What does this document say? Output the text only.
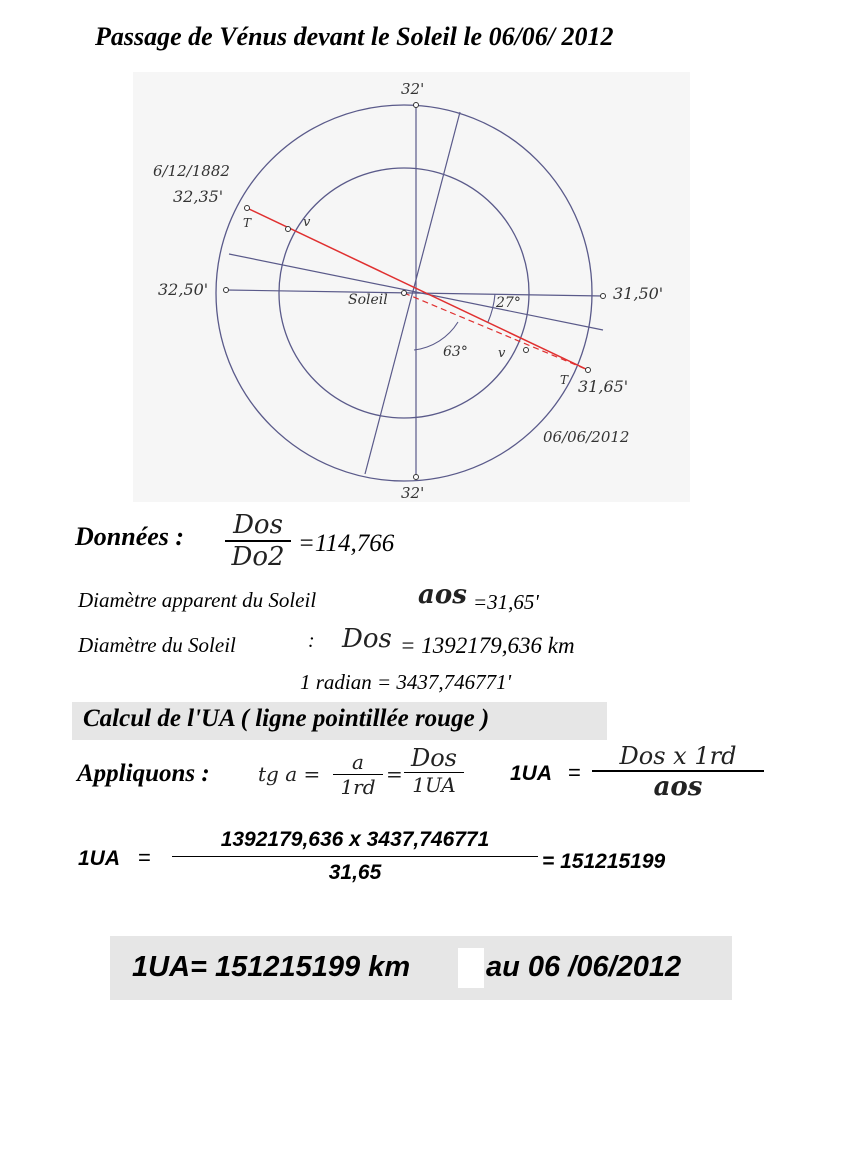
Passage de Vénus devant le Soleil le 06/06/ 2012
32'
32'
32,50'	31,50'
6/12/1882
32,35'
06/06/2012
31,65'
Soleil	27°
63°
v
T
v
T
Données : Dos
Do2 =114,766
Diamètre apparent du Soleil	aos =31,65'
Diamètre du Soleil	: Dos = 1392179,636 km
1 radian = 3437,746771'
Calcul de l'UA ( ligne pointillée rouge )
Appliquons : tg a = a
1rd
=
Dos
1UA	1UA =
Dos x 1rd
aos
1UA =
1392179,636 x 3437,746771
31,65	= 151215199
1UA= 151215199 km	au 06 /06/2012
